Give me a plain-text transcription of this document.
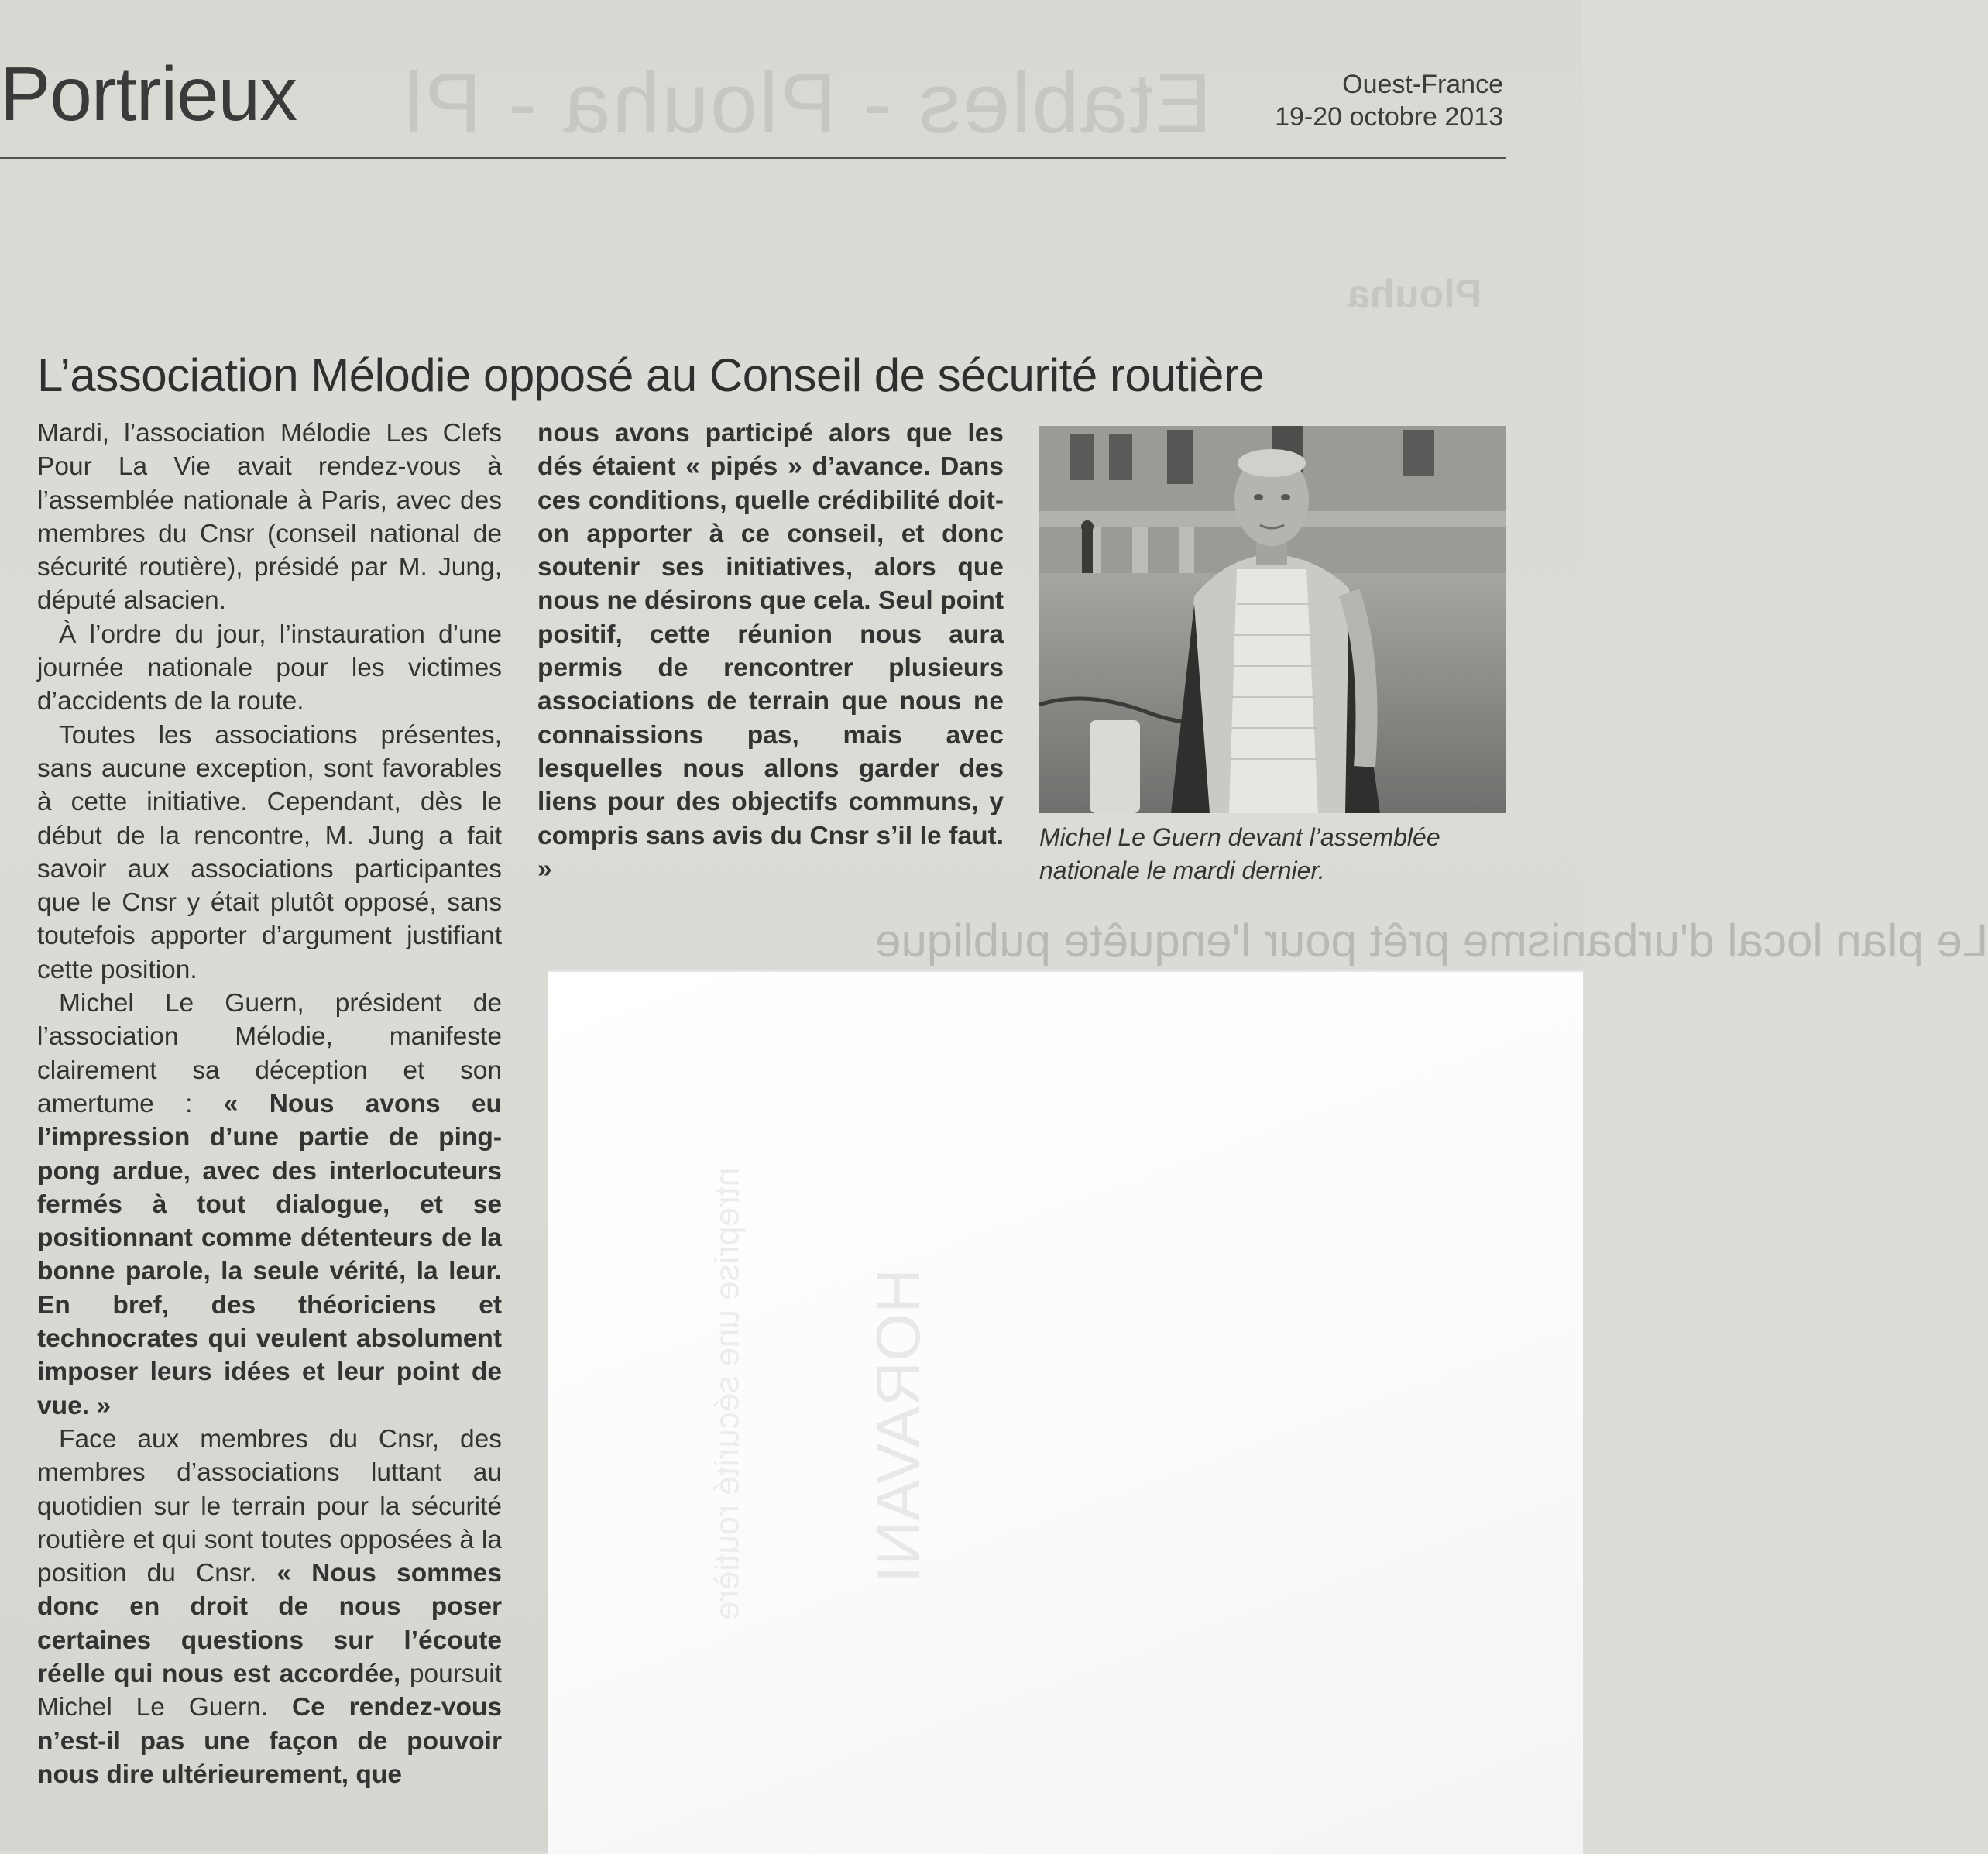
Etables - Plouha - Pl
Plouha
Le plan local d'urbanisme prêt pour l'enquête publique
Portrieux	Ouest-France
19-20 octobre 2013
L’association Mélodie opposé au Conseil de sécurité routière

Mardi, l’association Mélodie Les Clefs Pour La Vie avait rendez-vous à l’assemblée nationale à Paris, avec des membres du Cnsr (conseil national de sécurité routière), présidé par M. Jung, député alsacien.

À l’ordre du jour, l’instauration d’une journée nationale pour les victimes d’accidents de la route.

Toutes les associations présentes, sans aucune exception, sont favorables à cette initiative. Cependant, dès le début de la rencontre, M. Jung a fait savoir aux associations participantes que le Cnsr y était plutôt opposé, sans toutefois apporter d’argument justifiant cette position.

Michel Le Guern, président de l’association Mélodie, manifeste clairement sa déception et son amertume : « Nous avons eu l’impression d’une partie de ping-pong ardue, avec des interlocuteurs fermés à tout dialogue, et se positionnant comme détenteurs de la bonne parole, la seule vérité, la leur. En bref, des théoriciens et technocrates qui veulent absolument imposer leurs idées et leur point de vue. »

Face aux membres du Cnsr, des membres d’associations luttant au quotidien sur le terrain pour la sécurité routière et qui sont toutes opposées à la position du Cnsr. « Nous sommes donc en droit de nous poser certaines questions sur l’écoute réelle qui nous est accordée, poursuit Michel Le Guern. Ce rendez-vous n’est-il pas une façon de pouvoir nous dire ultérieurement, que

nous avons participé alors que les dés étaient « pipés » d’avance. Dans ces conditions, quelle crédibilité doit-on apporter à ce conseil, et donc soutenir ses initiatives, alors que nous ne désirons que cela. Seul point positif, cette réunion nous aura permis de rencontrer plusieurs associations de terrain que nous ne connaissions pas, mais avec lesquelles nous allons garder des liens pour des objectifs communs, y compris sans avis du Cnsr s’il le faut. »

Michel Le Guern devant l’assemblée nationale le mardi dernier.
ntreprise une sécurité routière HORAVANI
